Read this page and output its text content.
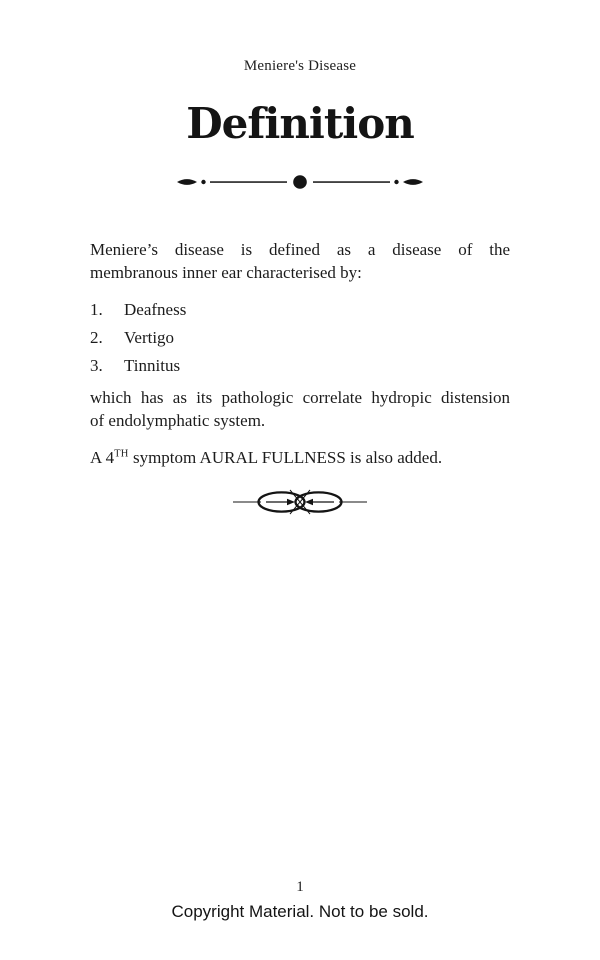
Meniere's Disease
Definition

Meniere’s disease is defined as a disease of the
membranous inner ear characterised by:

1.	Deafness
2.	Vertigo
3.	Tinnitus

which has as its pathologic correlate hydropic distension
of endolymphatic system.

A 4TH symptom AURAL FULLNESS is also added.

1
Copyright Material. Not to be sold.
